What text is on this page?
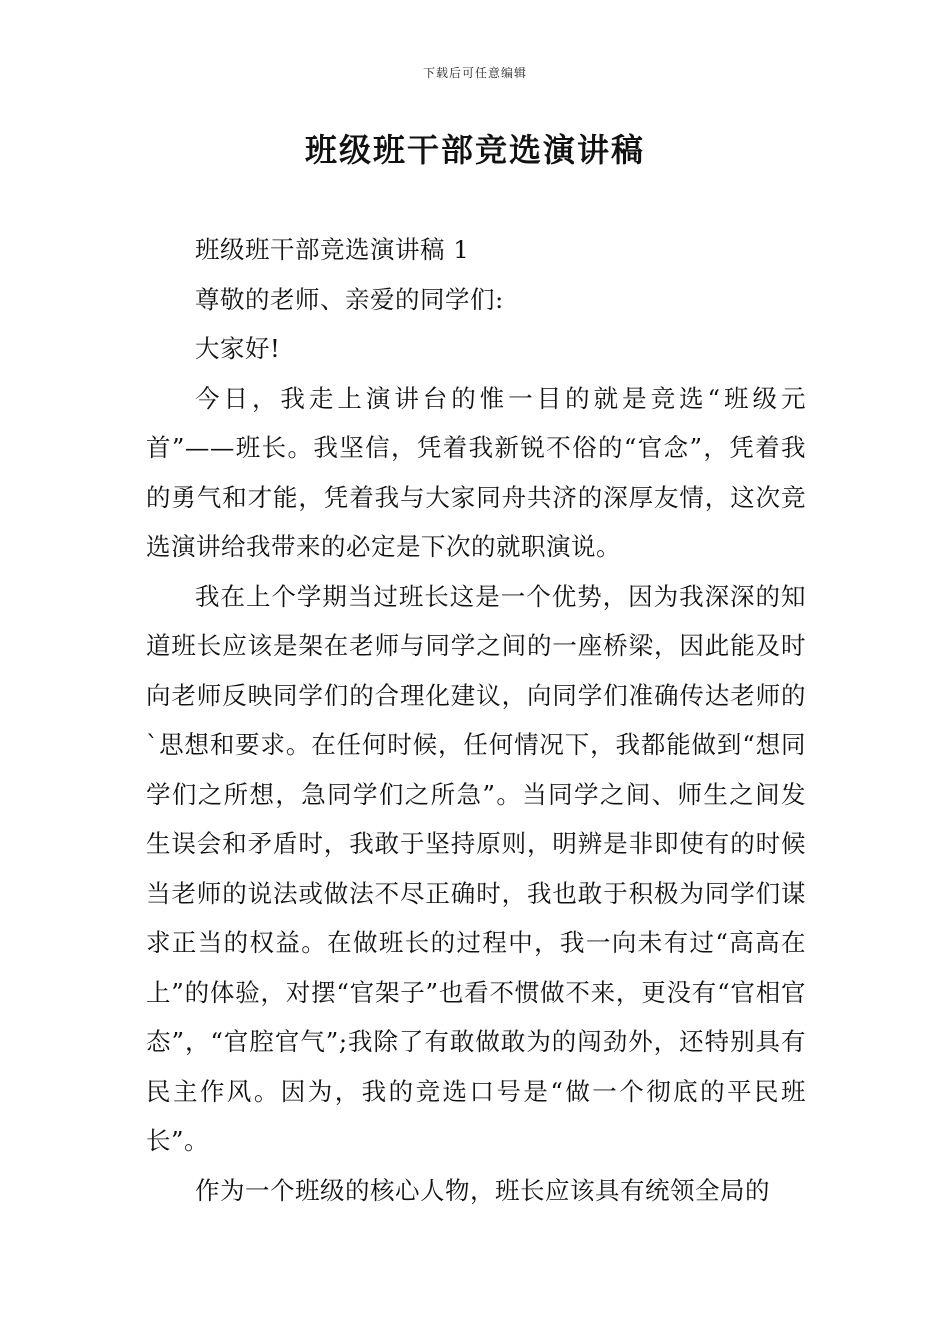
下载后可任意编辑
班级班干部竞选演讲稿

班级班干部竞选演讲稿 1

尊敬的老师、亲爱的同学们:

大家好!

今日，我走上演讲台的惟一目的就是竞选“班级元首”——班长。我坚信，凭着我新锐不俗的“官念”，凭着我的勇气和才能，凭着我与大家同舟共济的深厚友情，这次竞选演讲给我带来的必定是下次的就职演说。

我在上个学期当过班长这是一个优势，因为我深深的知道班长应该是架在老师与同学之间的一座桥梁，因此能及时向老师反映同学们的合理化建议，向同学们准确传达老师的`思想和要求。在任何时候，任何情况下，我都能做到“想同学们之所想，急同学们之所急”。当同学之间、师生之间发生误会和矛盾时，我敢于坚持原则，明辨是非即使有的时候当老师的说法或做法不尽正确时，我也敢于积极为同学们谋求正当的权益。在做班长的过程中，我一向未有过“高高在上”的体验，对摆“官架子”也看不惯做不来，更没有“官相官态”，“官腔官气”;我除了有敢做敢为的闯劲外，还特别具有民主作风。因为，我的竞选口号是“做一个彻底的平民班长”。

作为一个班级的核心人物，班长应该具有统领全局的
